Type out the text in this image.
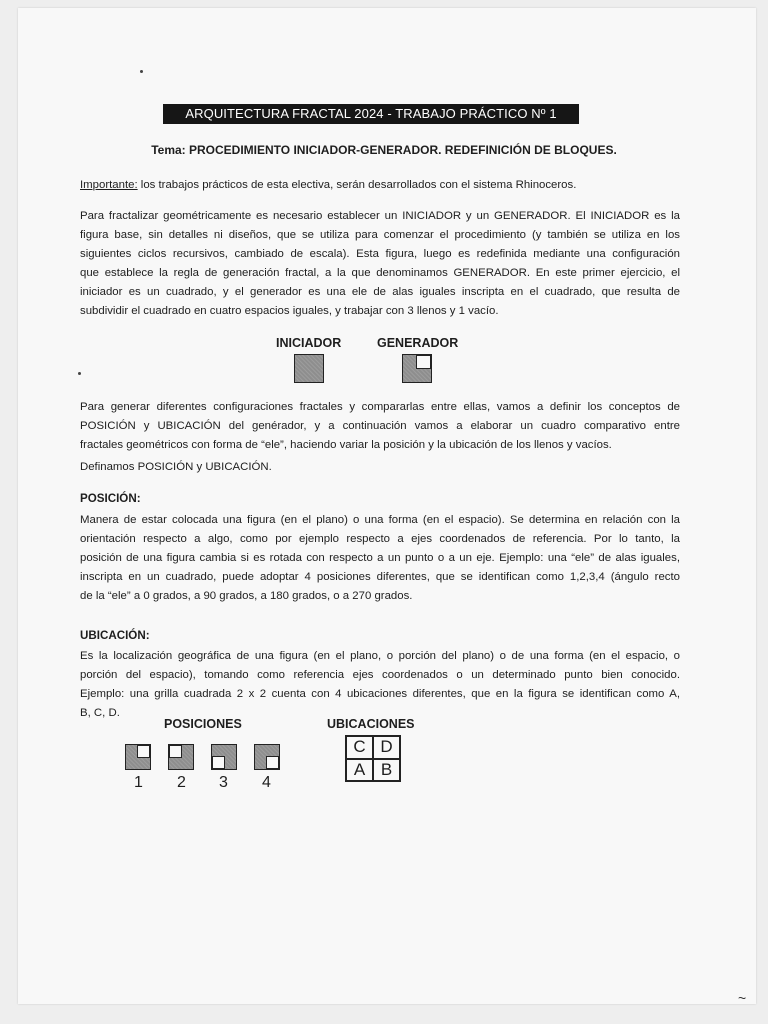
ARQUITECTURA FRACTAL 2024 - TRABAJO PRÁCTICO Nº 1
Tema: PROCEDIMIENTO INICIADOR-GENERADOR. REDEFINICIÓN DE BLOQUES.
Importante: los trabajos prácticos de esta electiva, serán desarrollados con el sistema Rhinoceros.
Para fractalizar geométricamente es necesario establecer un INICIADOR y un GENERADOR. El INICIADOR es la
figura base, sin detalles ni diseños, que se utiliza para comenzar el procedimiento (y también se utiliza en los
siguientes ciclos recursivos, cambiado de escala). Esta figura, luego es redefinida mediante una configuración
que establece la regla de generación fractal, a la que denominamos GENERADOR. En este primer ejercicio, el
iniciador es un cuadrado, y el generador es una ele de alas iguales inscripta en el cuadrado, que resulta de
subdividir el cuadrado en cuatro espacios iguales, y trabajar con 3 llenos y 1 vacío.
INICIADOR	GENERADOR
Para generar diferentes configuraciones fractales y compararlas entre ellas, vamos a definir los conceptos de
POSICIÓN y UBICACIÓN del genérador, y a continuación vamos a elaborar un cuadro comparativo entre
fractales geométricos con forma de “ele”, haciendo variar la posición y la ubicación de los llenos y vacíos.
Definamos POSICIÓN y UBICACIÓN.
POSICIÓN:
Manera de estar colocada una figura (en el plano) o una forma (en el espacio). Se determina en relación con la
orientación respecto a algo, como por ejemplo respecto a ejes coordenados de referencia. Por lo tanto, la
posición de una figura cambia si es rotada con respecto a un punto o a un eje. Ejemplo: una “ele” de alas iguales,
inscripta en un cuadrado, puede adoptar 4 posiciones diferentes, que se identifican como 1,2,3,4 (ángulo recto
de la “ele” a 0 grados, a 90 grados, a 180 grados, o a 270 grados.
UBICACIÓN:
Es la localización geográfica de una figura (en el plano, o porción del plano) o de una forma (en el espacio, o
porción del espacio), tomando como referencia ejes coordenados o un determinado punto bien conocido.
Ejemplo: una grilla cuadrada 2 x 2 cuenta con 4 ubicaciones diferentes, que en la figura se identifican como A,
B, C, D.
POSICIONES	UBICACIONES
1 2 3 4
C D
A B
~
